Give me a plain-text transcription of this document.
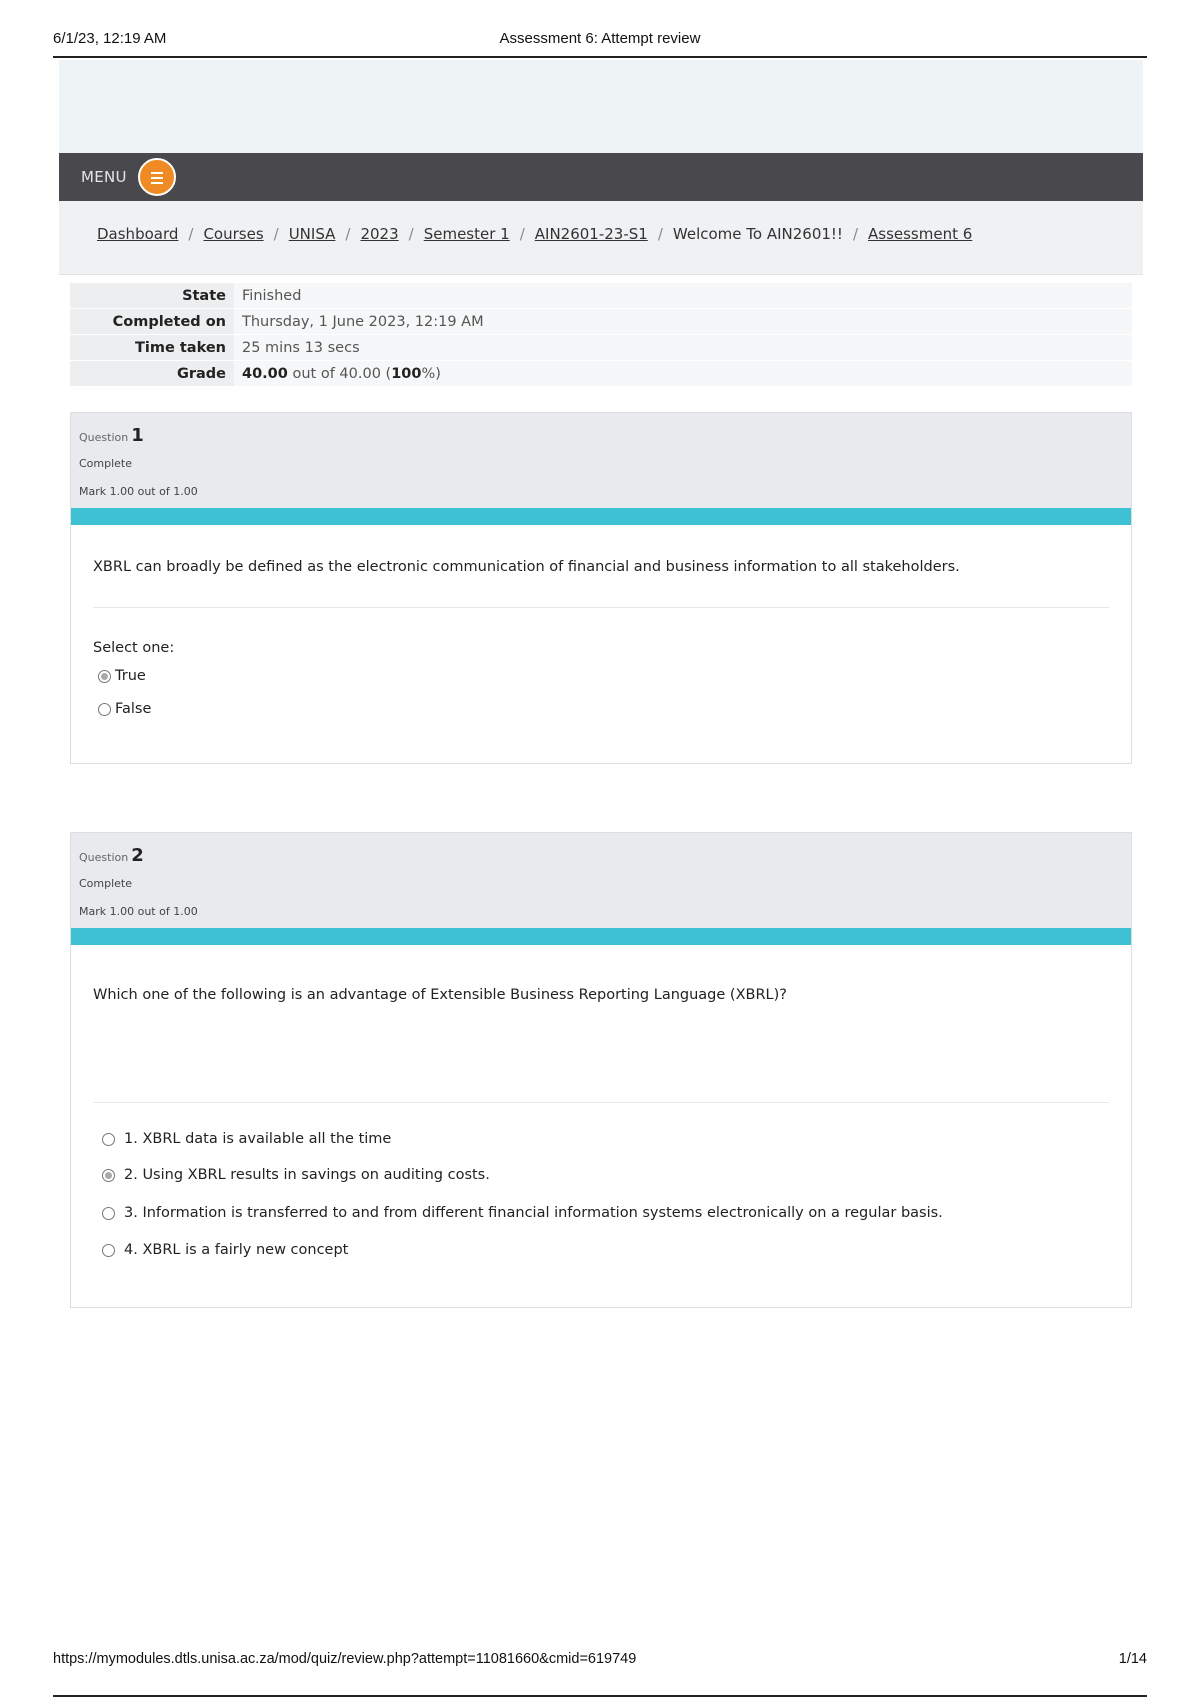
6/1/23, 12:19 AM	Assessment 6: Attempt review
MENU
Dashboard / Courses / UNISA / 2023 / Semester 1 / AIN2601-23-S1 / Welcome To AIN2601!! / Assessment 6
State	Finished
Completed on	Thursday, 1 June 2023, 12:19 AM
Time taken	25 mins 13 secs
Grade	40.00 out of 40.00 (100%)
Question 1
Complete
Mark 1.00 out of 1.00
XBRL can broadly be defined as the electronic communication of financial and business information to all stakeholders.
Select one:
True
False
Question 2
Complete
Mark 1.00 out of 1.00
Which one of the following is an advantage of Extensible Business Reporting Language (XBRL)?
1. XBRL data is available all the time
2. Using XBRL results in savings on auditing costs.
3. Information is transferred to and from different financial information systems electronically on a regular basis.
4. XBRL is a fairly new concept
https://mymodules.dtls.unisa.ac.za/mod/quiz/review.php?attempt=11081660&cmid=619749	1/14
